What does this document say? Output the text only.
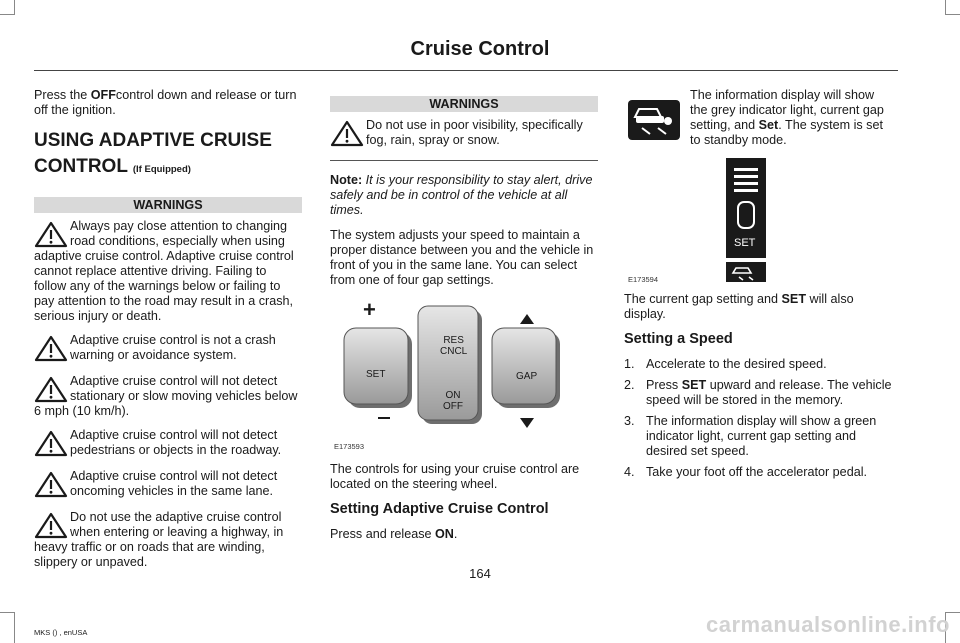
Cruise Control

Press the OFFcontrol down and release or turn off the ignition.

USING ADAPTIVE CRUISE
CONTROL (If Equipped)
WARNINGS
Always pay close attention to changing road conditions, especially when using adaptive cruise control. Adaptive cruise control cannot replace attentive driving. Failing to follow any of the warnings below or failing to pay attention to the road may result in a crash, serious injury or death.
Adaptive cruise control is not a crash warning or avoidance system.
Adaptive cruise control will not detect stationary or slow moving vehicles below 6 mph (10 km/h).
Adaptive cruise control will not detect pedestrians or objects in the roadway.
Adaptive cruise control will not detect oncoming vehicles in the same lane.
Do not use the adaptive cruise control when entering or leaving a highway, in heavy traffic or on roads that are winding, slippery or unpaved.
WARNINGS
Do not use in poor visibility, specifically fog, rain, spray or snow.

Note: It is your responsibility to stay alert, drive safely and be in control of the vehicle at all times.

The system adjusts your speed to maintain a proper distance between you and the vehicle in front of you in the same lane. You can select from one of four gap settings.

+
SET
RES
CNCL
ON
OFF
GAP
E173593

The controls for using your cruise control are located on the steering wheel.

Setting Adaptive Cruise Control

Press and release ON.

The information display will show the grey indicator light, current gap setting, and Set. The system is set to standby mode.

SET
E173594

The current gap setting and SET will also display.

Setting a Speed
1. Accelerate to the desired speed.
2. Press SET upward and release. The vehicle speed will be stored in the memory.
3. The information display will show a green indicator light, current gap setting and desired set speed.
4. Take your foot off the accelerator pedal.
164
MKS () , enUSA	carmanualsonline.info
